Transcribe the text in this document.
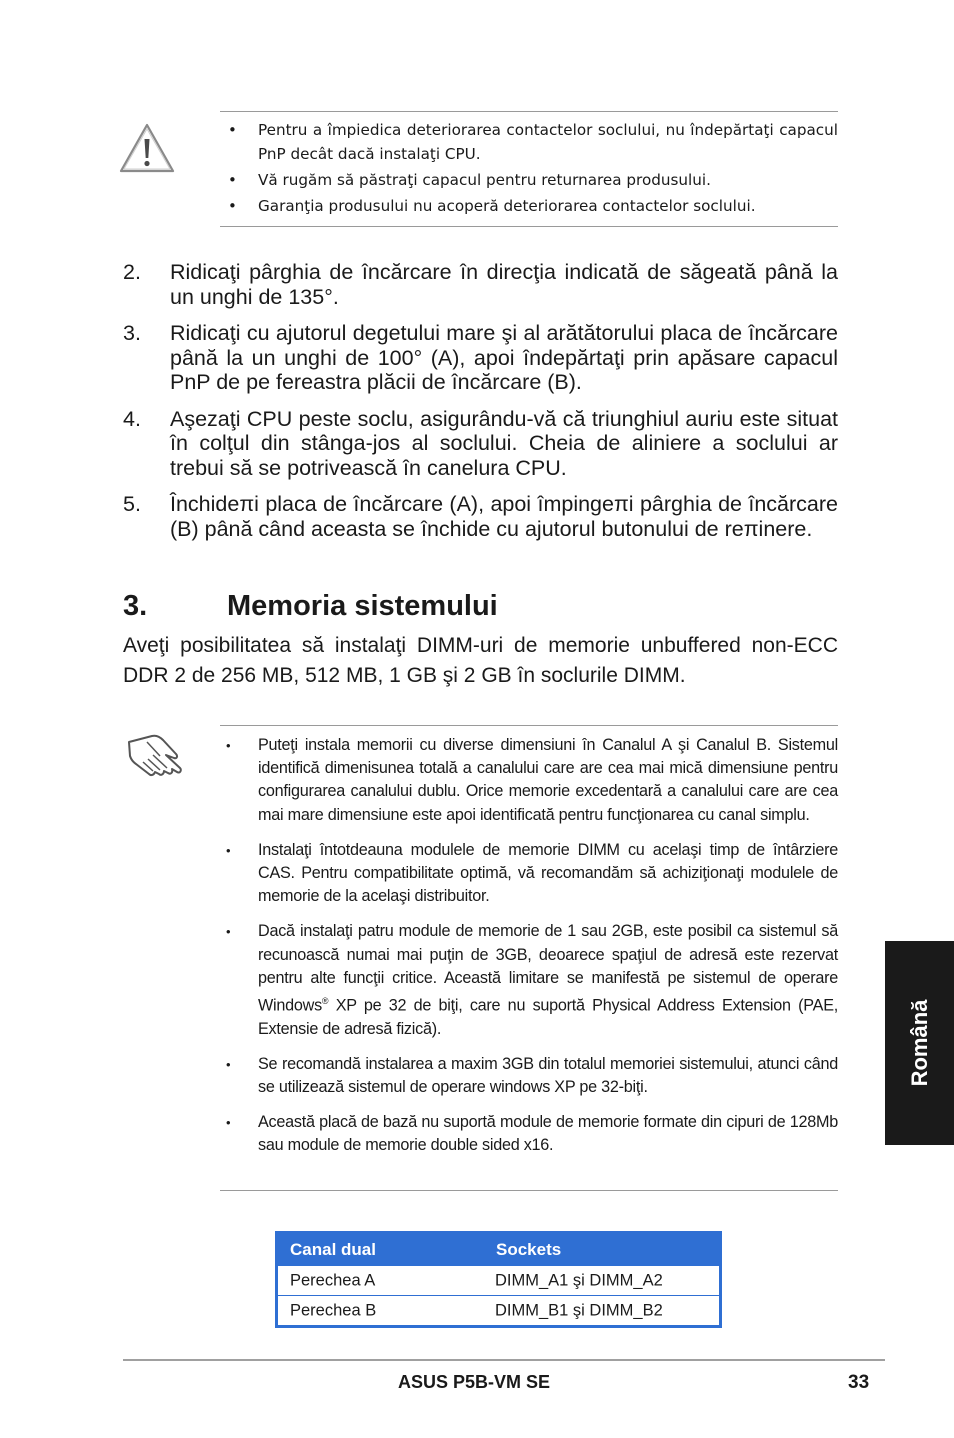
• Pentru a împiedica deteriorarea contactelor soclului, nu îndepărtaţi capacul PnP decât dacă instalaţi CPU.
• Vă rugăm să păstraţi capacul pentru returnarea produsului.
• Garanţia produsului nu acoperă deteriorarea contactelor soclului.
2. Ridicaţi pârghia de încărcare în direcţia indicată de săgeată până la un unghi de 135°.
3. Ridicaţi cu ajutorul degetului mare şi al arătătorului placa de încărcare până la un unghi de 100° (A), apoi îndepărtaţi prin apăsare capacul PnP de pe fereastra plăcii de încărcare (B).
4. Aşezaţi CPU peste soclu, asigurându-vă că triunghiul auriu este situat în colţul din stânga-jos al soclului. Cheia de aliniere a soclului ar trebui să se potrivească în canelura CPU.
5. Închideπi placa de încărcare (A), apoi împingeπi pârghia de încărcare (B) până când aceasta se închide cu ajutorul butonului de reπinere.
3.	Memoria sistemului
Aveţi posibilitatea să instalaţi DIMM-uri de memorie unbuffered non-ECC DDR 2 de 256 MB, 512 MB, 1 GB şi 2 GB în soclurile DIMM.
• Puteţi instala memorii cu diverse dimensiuni în Canalul A şi Canalul B. Sistemul identifică dimenisunea totală a canalului care are cea mai mică dimensiune pentru configurarea canalului dublu. Orice memorie excedentară a canalului care are cea mai mare dimensiune este apoi identificată pentru funcţionarea cu canal simplu.
• Instalaţi întotdeauna modulele de memorie DIMM cu acelaşi timp de întârziere CAS. Pentru compatibilitate optimă, vă recomandăm să achiziţionaţi modulele de memorie de la acelaşi distribuitor.
• Dacă instalaţi patru module de memorie de 1 sau 2GB, este posibil ca sistemul să recunoască numai mai puţin de 3GB, deoarece spaţiul de adresă este rezervat pentru alte funcţii critice. Această limitare se manifestă pe sistemul de operare Windows® XP pe 32 de biţi, care nu suportă Physical Address Extension (PAE, Extensie de adresă fizică).
• Se recomandă instalarea a maxim 3GB din totalul memoriei sistemului, atunci când se utilizează sistemul de operare windows XP pe 32-biţi.
• Această placă de bază nu suportă module de memorie formate din cipuri de 128Mb sau module de memorie double sided x16.
Română
Canal dual	Sockets
Perechea A	DIMM_A1 şi DIMM_A2
Perechea B	DIMM_B1 şi DIMM_B2
ASUS P5B-VM SE	33
